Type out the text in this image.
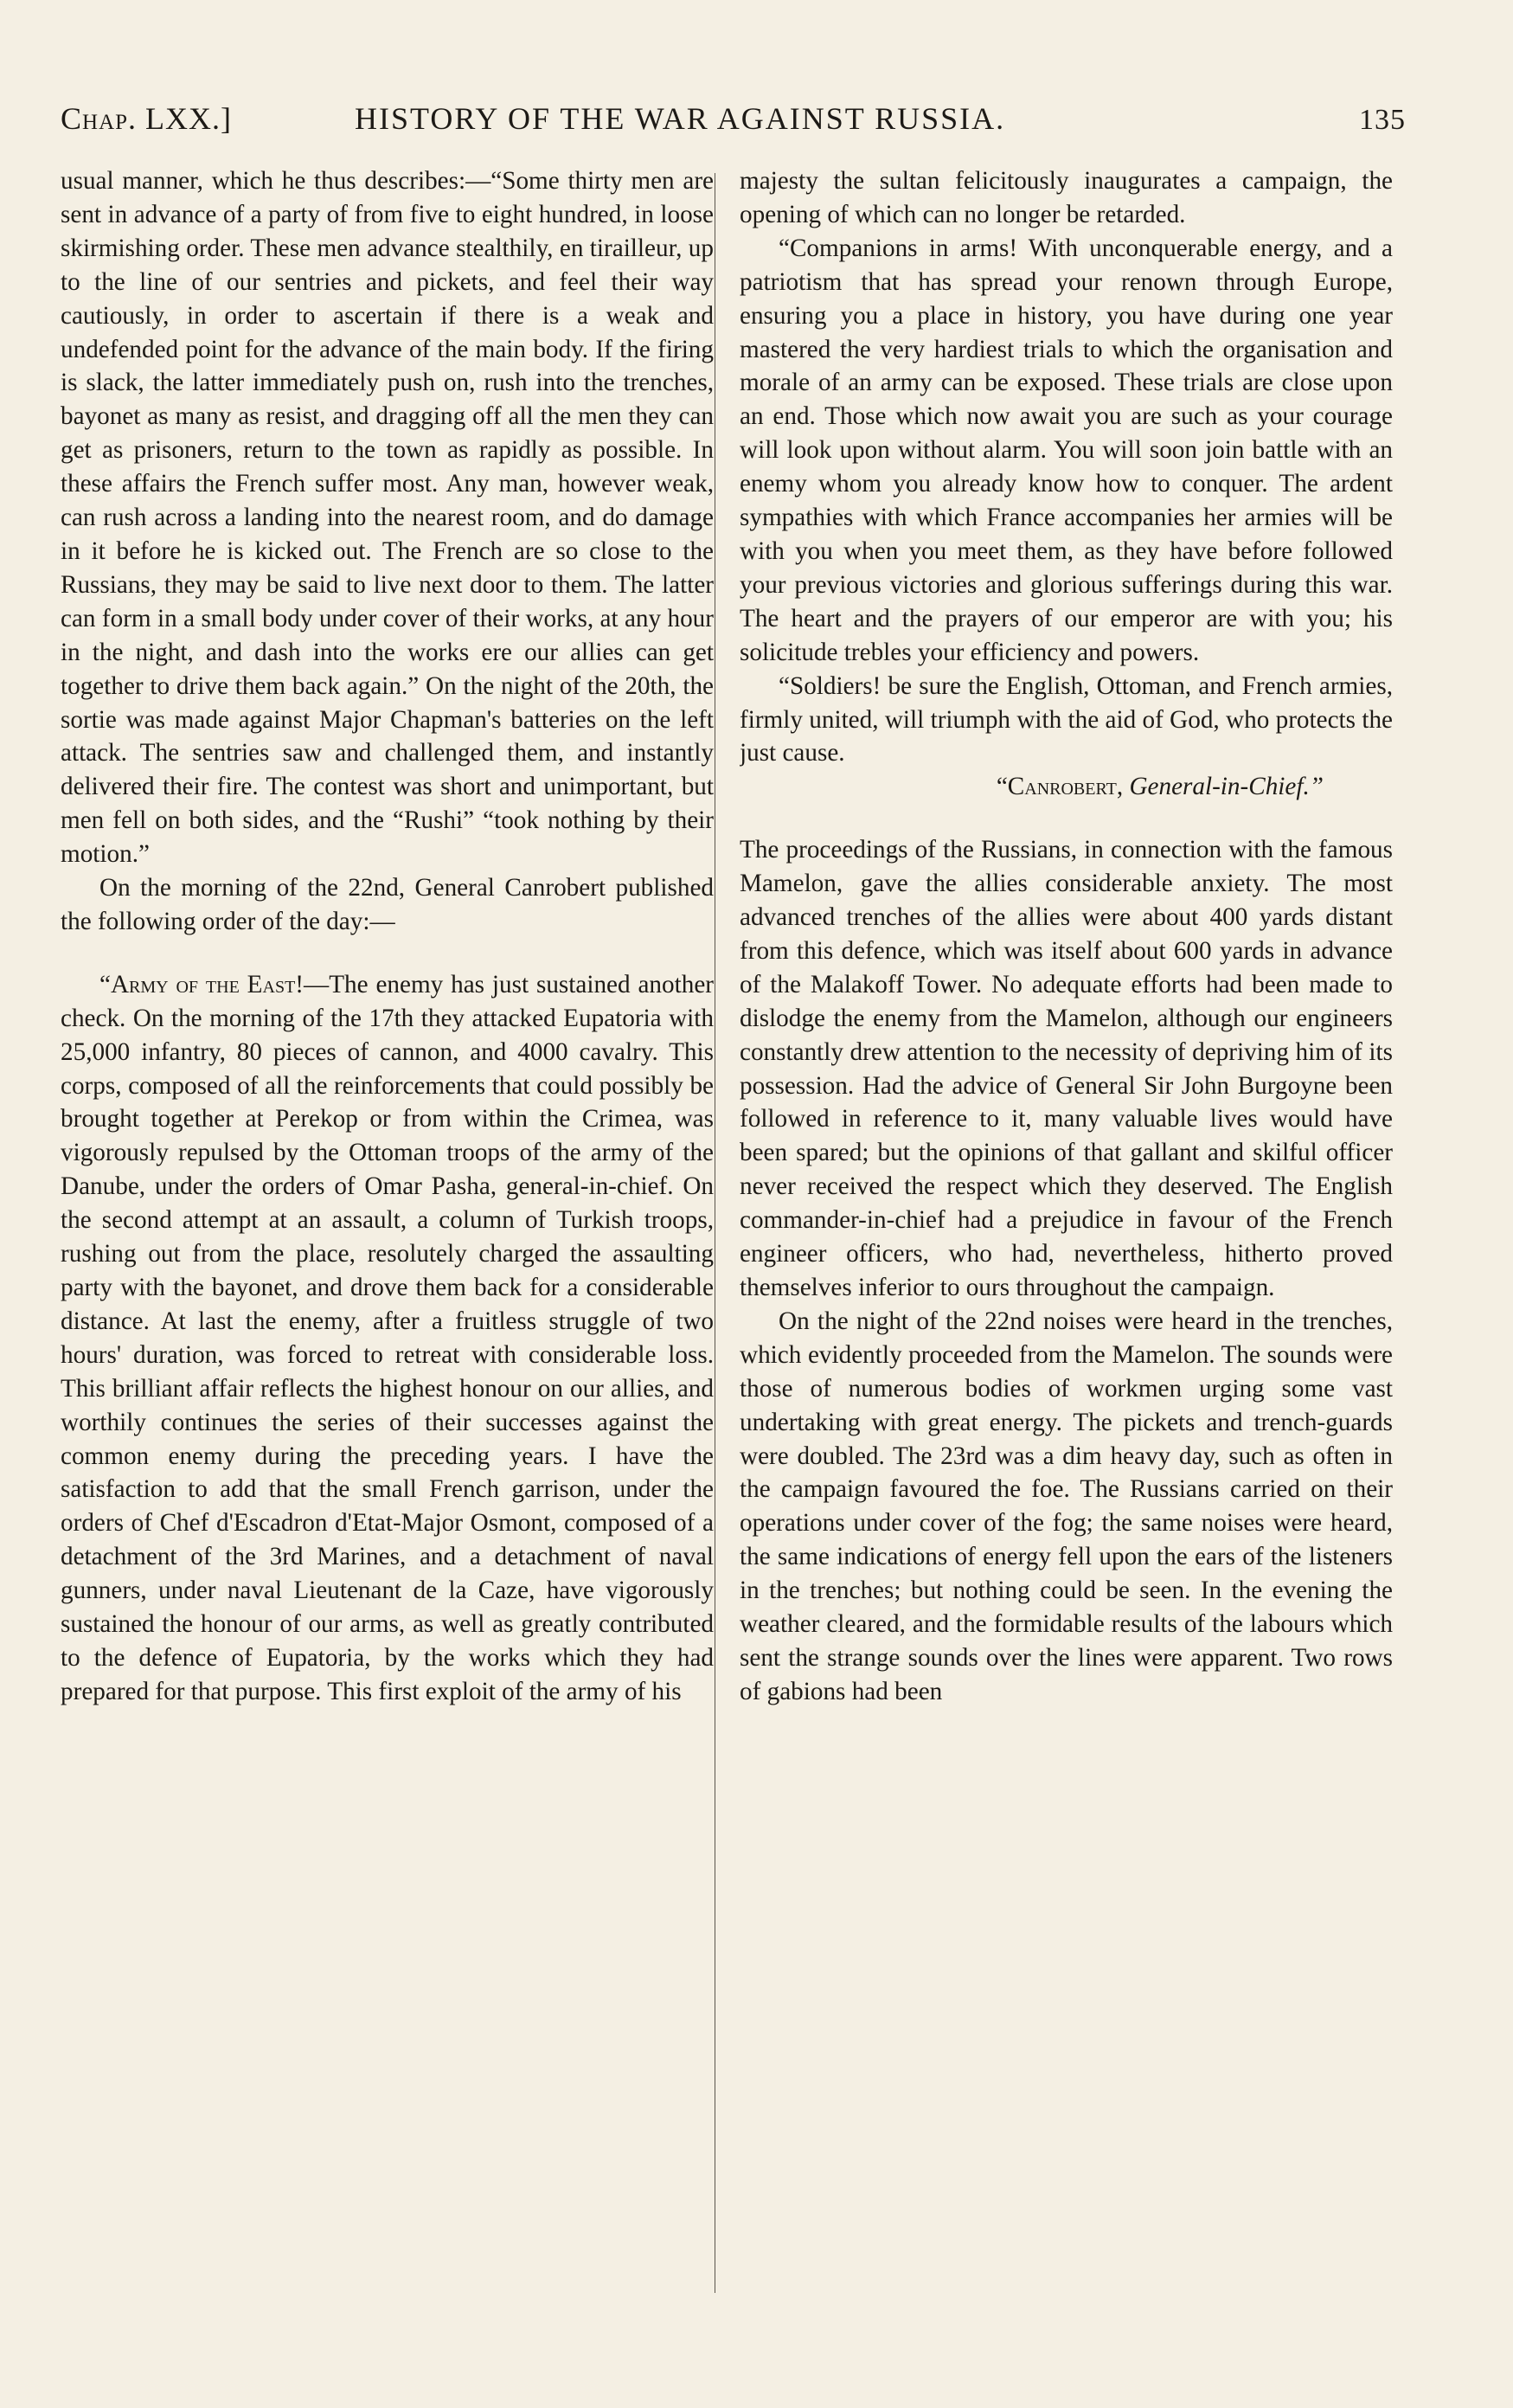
Chap. LXX.]	HISTORY OF THE WAR AGAINST RUSSIA.	135

usual manner, which he thus describes:—“Some thirty men are sent in advance of a party of from five to eight hundred, in loose skirmishing order. These men advance stealthily, en tirailleur, up to the line of our sentries and pickets, and feel their way cautiously, in order to ascertain if there is a weak and undefended point for the advance of the main body. If the firing is slack, the latter immediately push on, rush into the trenches, bayonet as many as resist, and dragging off all the men they can get as prisoners, return to the town as rapidly as possible. In these affairs the French suffer most. Any man, however weak, can rush across a landing into the nearest room, and do damage in it before he is kicked out. The French are so close to the Russians, they may be said to live next door to them. The latter can form in a small body under cover of their works, at any hour in the night, and dash into the works ere our allies can get together to drive them back again.” On the night of the 20th, the sortie was made against Major Chapman's batteries on the left attack. The sentries saw and challenged them, and instantly delivered their fire. The contest was short and unimportant, but men fell on both sides, and the “Rushi” “took nothing by their motion.”

On the morning of the 22nd, General Canrobert published the following order of the day:—

“Army of the East!—The enemy has just sustained another check. On the morning of the 17th they attacked Eupatoria with 25,000 infantry, 80 pieces of cannon, and 4000 cavalry. This corps, composed of all the reinforcements that could possibly be brought together at Perekop or from within the Crimea, was vigorously repulsed by the Ottoman troops of the army of the Danube, under the orders of Omar Pasha, general-in-chief. On the second attempt at an assault, a column of Turkish troops, rushing out from the place, resolutely charged the assaulting party with the bayonet, and drove them back for a considerable distance. At last the enemy, after a fruitless struggle of two hours' duration, was forced to retreat with considerable loss. This brilliant affair reflects the highest honour on our allies, and worthily continues the series of their successes against the common enemy during the preceding years. I have the satisfaction to add that the small French garrison, under the orders of Chef d'Escadron d'Etat-Major Osmont, composed of a detachment of the 3rd Marines, and a detachment of naval gunners, under naval Lieutenant de la Caze, have vigorously sustained the honour of our arms, as well as greatly contributed to the defence of Eupatoria, by the works which they had prepared for that purpose. This first exploit of the army of his

majesty the sultan felicitously inaugurates a campaign, the opening of which can no longer be retarded.

“Companions in arms! With unconquerable energy, and a patriotism that has spread your renown through Europe, ensuring you a place in history, you have during one year mastered the very hardiest trials to which the organisation and morale of an army can be exposed. These trials are close upon an end. Those which now await you are such as your courage will look upon without alarm. You will soon join battle with an enemy whom you already know how to conquer. The ardent sympathies with which France accompanies her armies will be with you when you meet them, as they have before followed your previous victories and glorious sufferings during this war. The heart and the prayers of our emperor are with you; his solicitude trebles your efficiency and powers.

“Soldiers! be sure the English, Ottoman, and French armies, firmly united, will triumph with the aid of God, who protects the just cause.

“Canrobert, General-in-Chief.”

The proceedings of the Russians, in connection with the famous Mamelon, gave the allies considerable anxiety. The most advanced trenches of the allies were about 400 yards distant from this defence, which was itself about 600 yards in advance of the Malakoff Tower. No adequate efforts had been made to dislodge the enemy from the Mamelon, although our engineers constantly drew attention to the necessity of depriving him of its possession. Had the advice of General Sir John Burgoyne been followed in reference to it, many valuable lives would have been spared; but the opinions of that gallant and skilful officer never received the respect which they deserved. The English commander-in-chief had a prejudice in favour of the French engineer officers, who had, nevertheless, hitherto proved themselves inferior to ours throughout the campaign.

On the night of the 22nd noises were heard in the trenches, which evidently proceeded from the Mamelon. The sounds were those of numerous bodies of workmen urging some vast undertaking with great energy. The pickets and trench-guards were doubled. The 23rd was a dim heavy day, such as often in the campaign favoured the foe. The Russians carried on their operations under cover of the fog; the same noises were heard, the same indications of energy fell upon the ears of the listeners in the trenches; but nothing could be seen. In the evening the weather cleared, and the formidable results of the labours which sent the strange sounds over the lines were apparent. Two rows of gabions had been
